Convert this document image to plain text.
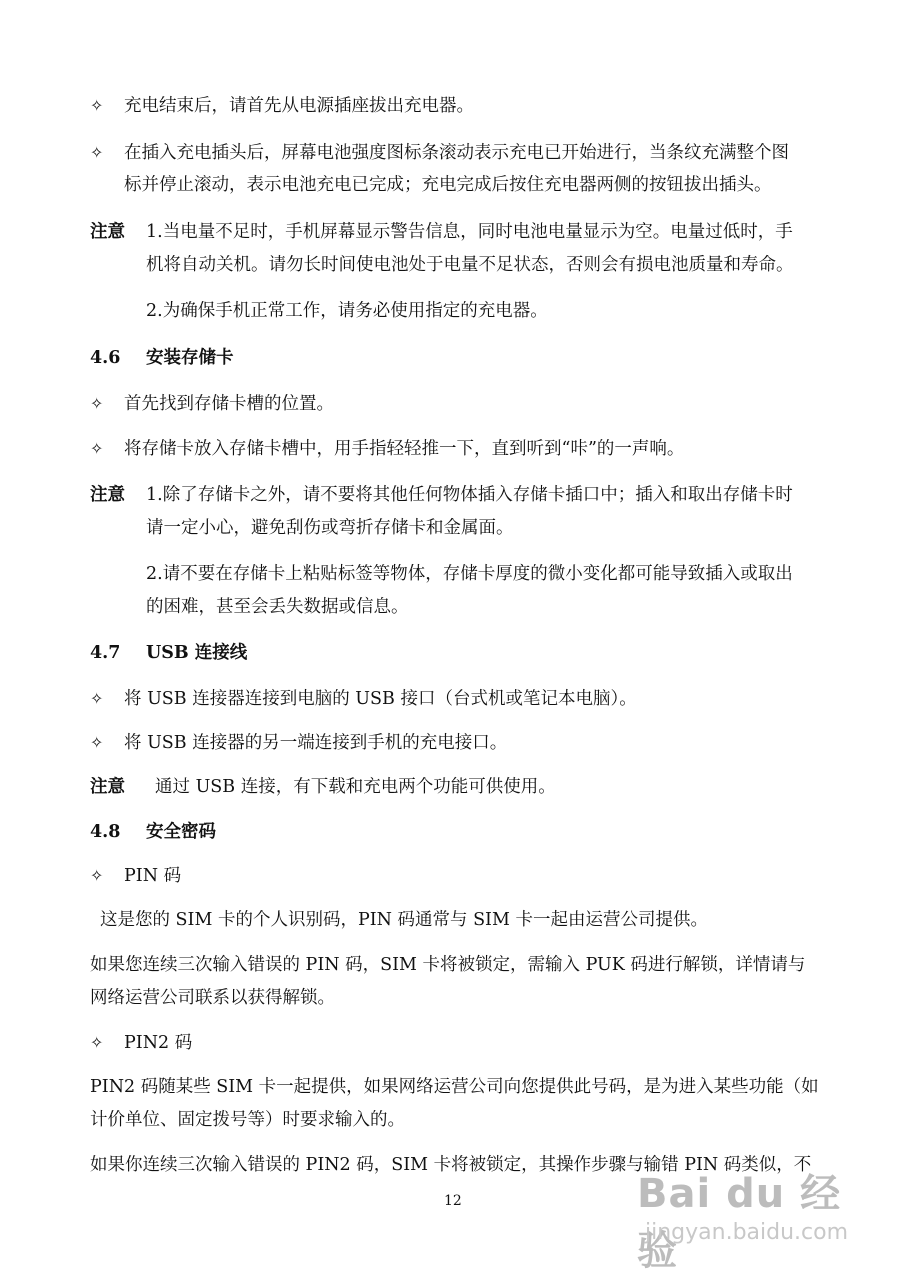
✧ 充电结束后，请首先从电源插座拔出充电器。
✧ 在插入充电插头后，屏幕电池强度图标条滚动表示充电已开始进行，当条纹充满整个图
标并停止滚动，表示电池充电已完成；充电完成后按住充电器两侧的按钮拔出插头。
注意 1.当电量不足时，手机屏幕显示警告信息，同时电池电量显示为空。电量过低时，手
机将自动关机。请勿长时间使电池处于电量不足状态，否则会有损电池质量和寿命。
2.为确保手机正常工作，请务必使用指定的充电器。
4.6 安装存储卡
✧ 首先找到存储卡槽的位置。
✧ 将存储卡放入存储卡槽中，用手指轻轻推一下，直到听到“咔”的一声响。
注意 1.除了存储卡之外，请不要将其他任何物体插入存储卡插口中；插入和取出存储卡时
请一定小心，避免刮伤或弯折存储卡和金属面。
2.请不要在存储卡上粘贴标签等物体，存储卡厚度的微小变化都可能导致插入或取出
的困难，甚至会丢失数据或信息。
4.7 USB 连接线
✧ 将 USB 连接器连接到电脑的 USB 接口（台式机或笔记本电脑）。
✧ 将 USB 连接器的另一端连接到手机的充电接口。
注意 通过 USB 连接，有下载和充电两个功能可供使用。
4.8 安全密码
✧ PIN 码
这是您的 SIM 卡的个人识别码，PIN 码通常与 SIM 卡一起由运营公司提供。
如果您连续三次输入错误的 PIN 码，SIM 卡将被锁定，需输入 PUK 码进行解锁，详情请与
网络运营公司联系以获得解锁。
✧ PIN2 码
PIN2 码随某些 SIM 卡一起提供，如果网络运营公司向您提供此号码，是为进入某些功能（如
计价单位、固定拨号等）时要求输入的。
如果你连续三次输入错误的 PIN2 码，SIM 卡将被锁定，其操作步骤与输错 PIN 码类似，不
12	Bai du 经验
jingyan.baidu.com
